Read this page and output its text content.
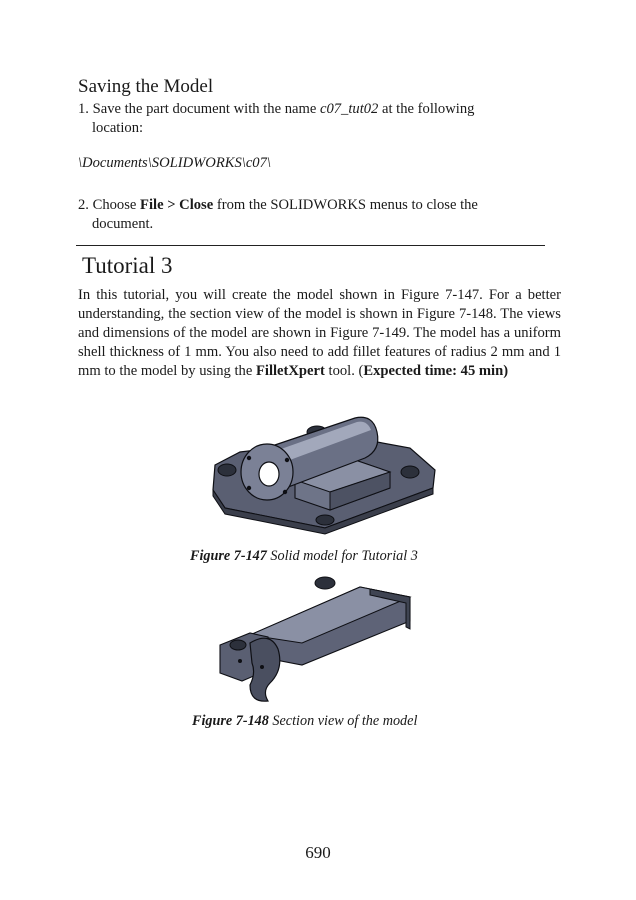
Saving the Model
1. Save the part document with the name c07_tut02 at the following
location:
\Documents\SOLIDWORKS\c07\
2. Choose File > Close from the SOLIDWORKS menus to close the
document.
Tutorial 3
In this tutorial, you will create the model shown in Figure 7-147. For a better understanding, the section view of the model is shown in Figure 7-148. The views and dimensions of the model are shown in Figure 7-149. The model has a uniform shell thickness of 1 mm. You also need to add fillet features of radius 2 mm and 1 mm to the model by using the FilletXpert tool. (Expected time: 45 min)
Figure 7-147 Solid model for Tutorial 3
Figure 7-148 Section view of the model
690
